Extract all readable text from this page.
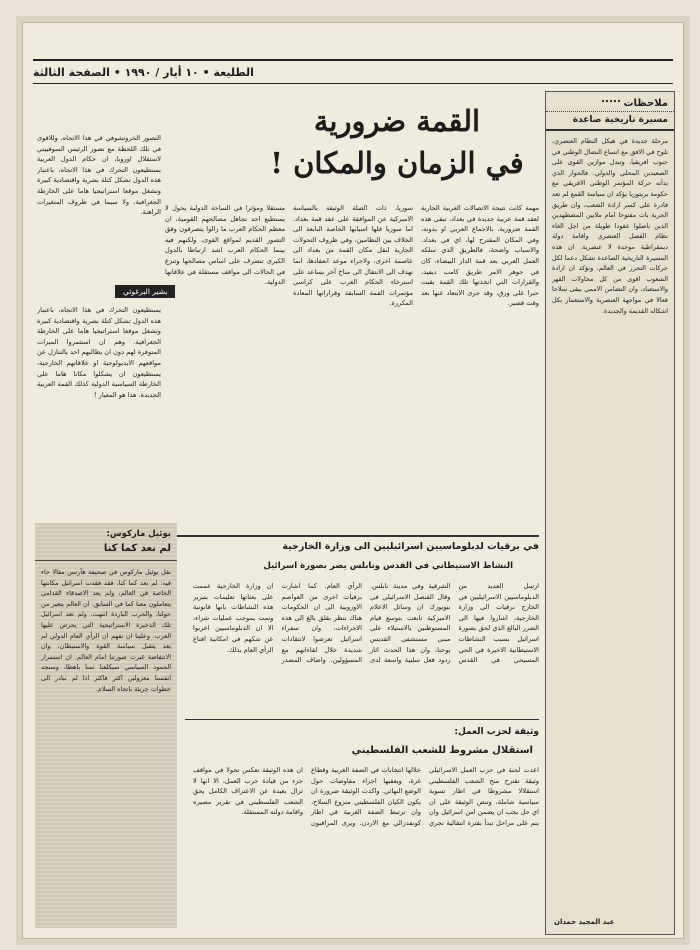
الطليعة • ١٠ أيار / ١٩٩٠ • الصفحة الثالثة
ملاحظات
مسيرة تاريخية صاعدة
مرحلة جديدة في هيكل النظام العنصري، تلوح في الافق مع اتساع النضال الوطني في جنوب افريقيا، وتبدل موازين القوى على الصعيدين المحلي والدولي. فالحوار الذي بدأته حركة المؤتمر الوطني الافريقي مع حكومة بريتوريا يؤكد ان سياسة القمع لم تعد قادرة على كسر ارادة الشعب، وان طريق الحرية بات مفتوحا امام ملايين المضطهدين الذين ناضلوا عقودا طويلة من اجل الغاء نظام الفصل العنصري واقامة دولة ديمقراطية موحدة لا عنصرية. ان هذه المسيرة التاريخية الصاعدة تشكل دعما لكل حركات التحرر في العالم، وتؤكد ان ارادة الشعوب اقوى من كل محاولات القهر والاستعباد، وان التضامن الاممي يبقى سلاحا فعالا في مواجهة العنصرية والاستعمار بكل اشكاله القديمة والجديدة.
عبد المجيد حمدان
القمة ضرورية
في الزمان والمكان !
مهمة كانت نتيجة الاتصالات العربية الجارية لعقد قمة عربية جديدة في بغداد، تبقى هذه القمة ضرورية، بالاجماع العربي او بدونه، وفي المكان المقترح لها، اي في بغداد. والاسباب واضحة، فالطريق الذي سلكه العمل العربي بعد قمة الدار البيضاء، كان في جوهر الامر طريق كامب ديفيد، والقرارات التي اتخذتها تلك القمة بقيت حبرا على ورق، وقد جرى الابتعاد عنها بعد وقت قصير.
سوريا، ذات الصلة الوثيقة بالسياسة الاميركية عن الموافقة على عقد قمة بغداد. اما سوريا فلها اسبابها الخاصة النابعة الى الخلاف بين النظامين، وفي ظروف التحولات الجارية لنقل مكان القمة من بغداد الى عاصمة اخرى، ولاجراء موعد انعقادها، انما تهدف الى الانتقال الى مناخ آخر يساعد على استرخاء الحكام العرب على كراسي مؤتمرات القمة السابقة وقراراتها المعادة المكررة.
مستقلا ومؤثرا في الساحة الدولية يحول لا يستطيع احد تجاهل مصالحهم القومية، ان معظم الحكام العرب ما زالوا يتصرفون وفق التصور القديم لمواقع القوى، ولكنهم فيه بينما الحكام العرب اشد ارتباطا بالدول الكبرى تتصرف على اساس مصالحها وتنزع في الحالات الى مواقف مستقلة في علاقاتها الدولية.
التصور الخروتشوفي في هذا الاتجاه، وللاقوى في تلك اللحظة مع تصور الرئيس السوفييتي لاستقلال اوروبا، ان حكام الدول العربية يستطيعون التحرك في هذا الاتجاه، باعتبار هذه الدول تشكل كتلة بشرية واقتصادية كبيرة وتشغل موقعا استراتيجيا هاما على الخارطة الجغرافية، ولا سيما في ظروف المتغيرات الراهنة.
بشير البرغوثي
يستطيعون التحرك في هذا الاتجاه، باعتبار هذه الدول تشكل كتلة بشرية واقتصادية كبيرة وتشغل موقعا استراتيجيا هاما على الخارطة الجغرافية. وهم ان استثمروا الميزات المتوفرة لهم دون ان يطالبهم احد بالتنازل عن مواقعهم الايديولوجية او علاقاتهم الخارجية، يستطيعون ان يشكلوا مكانا هاما على الخارطة السياسية الدولية كذلك القمة العربية الجديدة. هذا هو المعيار !
في برقيات لدبلوماسيين اسرائيليين الى وزارة الخارجية
النشاط الاستيطاني في القدس ونابلس يضر بصورة اسرائيل
ارسل العديد من الدبلوماسيين الاسرائيليين في الخارج برقيات الى وزارة الخارجية، اشاروا فيها الى الضرر البالغ الذي لحق بصورة اسرائيل بسبب النشاطات الاستيطانية الاخيرة في الحي المسيحي في القدس الشرقية وفي مدينة نابلس. وقال القنصل الاسرائيلي في نيويورك ان وسائل الاعلام الاميركية تابعت بتوسع قيام المستوطنين بالاستيلاء على مبنى مستشفى القديس يوحنا، وان هذا الحدث اثار ردود فعل سلبية واسعة لدى الرأي العام. كما اشارت برقيات اخرى من العواصم الاوروبية الى ان الحكومات هناك تنظر بقلق بالغ الى هذه الاجراءات، وان سفراء اسرائيل تعرضوا لانتقادات شديدة خلال لقاءاتهم مع المسؤولين. واضاف المصدر ان وزارة الخارجية عممت على بعثاتها تعليمات بتبرير هذه النشاطات بانها قانونية وتمت بموجب عمليات شراء، الا ان الدبلوماسيين اعربوا عن شكهم في امكانية اقناع الرأي العام بذلك.
وثيقة لحزب العمل:
استقلال مشروط للشعب الفلسطيني
اعدت لجنة في حزب العمل الاسرائيلي وثيقة تقترح منح الشعب الفلسطيني استقلالا مشروطا في اطار تسوية سياسية شاملة، وتنص الوثيقة على ان اي حل يجب ان يضمن امن اسرائيل وان يتم على مراحل تبدأ بفترة انتقالية تجري خلالها انتخابات في الضفة الغربية وقطاع غزة، ويعقبها اجراء مفاوضات حول الوضع النهائي. واكدت الوثيقة ضرورة ان يكون الكيان الفلسطيني منزوع السلاح، وان ترتبط الضفة الغربية في اطار كونفدرالي مع الاردن. ويرى المراقبون ان هذه الوثيقة تعكس تحولا في مواقف جزء من قيادة حزب العمل، الا انها لا تزال بعيدة عن الاعتراف الكامل بحق الشعب الفلسطيني في تقرير مصيره واقامة دولته المستقلة.
يوئيل ماركوس:
لم نعد كما كنا
نقل يوئيل ماركوس في صحيفة هآرتس مقالا جاء فيه: لم نعد كما كنا، فقد فقدت اسرائيل مكانتها الخاصة في العالم، ولم يعد الاصدقاء القدامى يتعاملون معنا كما في السابق. ان العالم يتغير من حولنا، والحرب الباردة انتهت، ولم تعد اسرائيل تلك الذخيرة الاستراتيجية التي يحرص عليها الغرب. وعلينا ان نفهم ان الرأي العام الدولي لم يعد يتقبل سياسة القوة والاستيطان، وان الانتفاضة غيرت صورتنا امام العالم. ان استمرار الجمود السياسي سيكلفنا ثمنا باهظا، وسنجد انفسنا معزولين اكثر فاكثر اذا لم نبادر الى خطوات جريئة باتجاه السلام.
